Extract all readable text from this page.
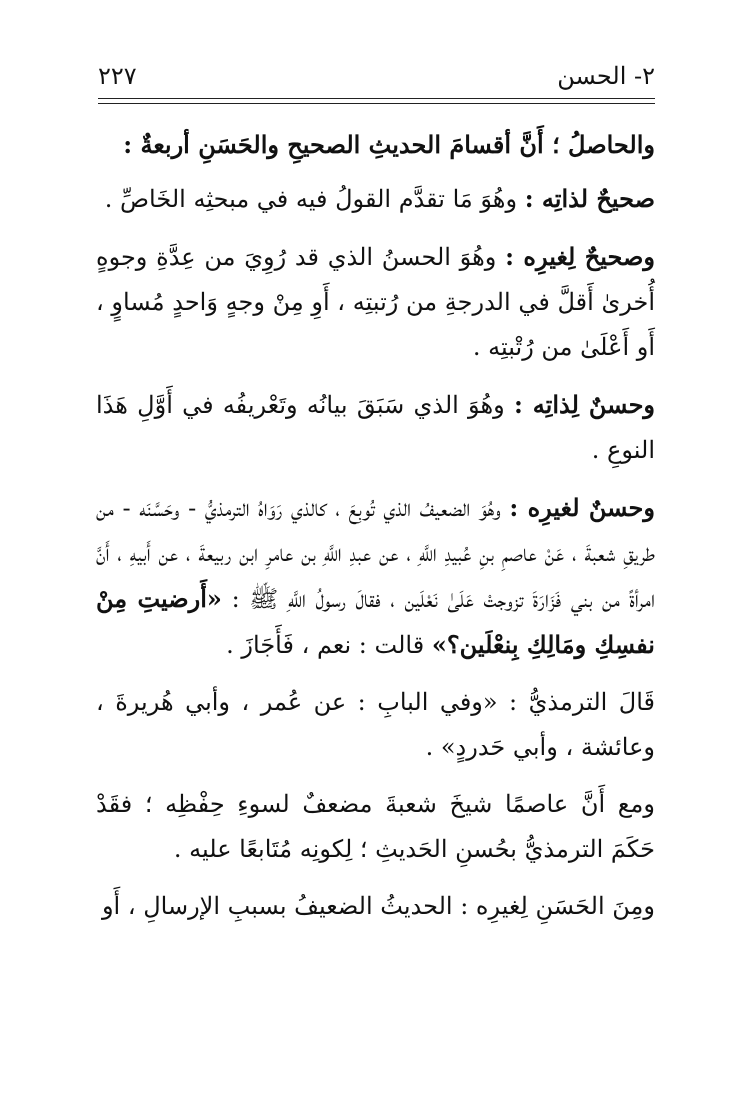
٢- الحسن
٢٢٧

والحاصلُ ؛ أَنَّ أقسامَ الحديثِ الصحيحِ والحَسَنِ أربعةٌ :

صحيحٌ لذاتِه : وهُوَ مَا تقدَّم القولُ فيه في مبحثِه الخَاصِّ .

وصحيحٌ لِغيرِه : وهُوَ الحسنُ الذي قد رُوِيَ من عِدَّةِ وجوهٍ أُخرىٰ أَقلَّ في الدرجةِ من رُتبتِه ، أَوِ مِنْ وجهٍ وَاحدٍ مُساوٍ ، أَو أَعْلَىٰ من رُتْبتِه .

وحسنٌ لِذاتِه : وهُوَ الذي سَبَقَ بيانُه وتَعْريفُه في أَوَّلِ هَذَا النوعِ .

وحسنٌ لغيرِه : وهُوَ الضعيفُ الذي تُوبِعَ ، كالذي رَوَاهُ الترمذيُّ - وحَسَّنَه - من طريقِ شعبةَ ، عَنْ عاصمِ بنِ عُبيدِ اللَّهِ ، عن عبدِ اللَّهِ بن عامرِ ابن ربيعةَ ، عن أَبيهِ ، أَنَّ امرأةً من بني فَزَارَةَ تزوجتْ عَلَىٰ نَعْلَين ، فقالَ رسولُ اللَّهِ ﷺ : «أَرضيتِ مِنْ نفسِكِ ومَالِكِ بِنعْلَين؟» قالت : نعم ، فَأَجَازَ .

قَالَ الترمذيُّ : «وفي البابِ : عن عُمر ، وأبي هُريرةَ ، وعائشة ، وأبي حَدردٍ» .

ومع أَنَّ عاصمًا شيخَ شعبةَ مضعفٌ لسوءِ حِفْظِه ؛ فقَدْ حَكَمَ الترمذيُّ بحُسنِ الحَديثِ ؛ لِكونِه مُتَابعًا عليه .

ومِنَ الحَسَنِ لِغيرِه : الحديثُ الضعيفُ بسببِ الإرسالِ ، أَو
